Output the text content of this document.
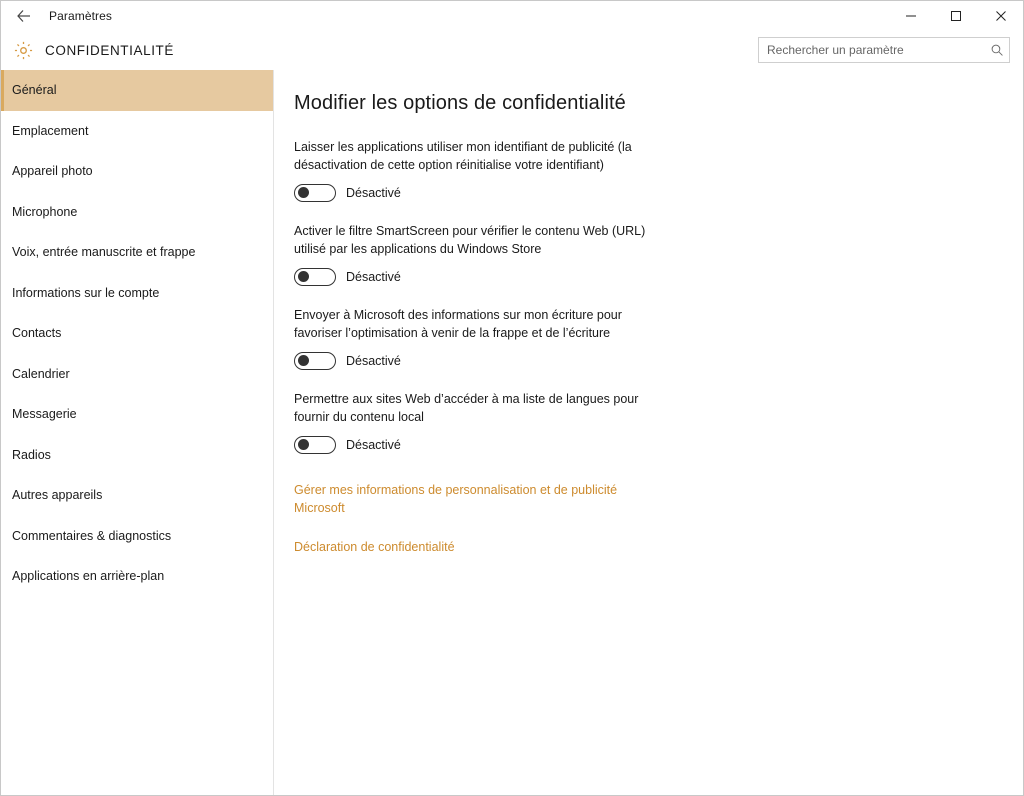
Paramètres
CONFIDENTIALITÉ
Rechercher un paramètre
Général
Emplacement
Appareil photo
Microphone
Voix, entrée manuscrite et frappe
Informations sur le compte
Contacts
Calendrier
Messagerie
Radios
Autres appareils
Commentaires & diagnostics
Applications en arrière-plan
Modifier les options de confidentialité

Laisser les applications utiliser mon identifiant de publicité (la désactivation de cette option réinitialise votre identifiant)

Désactivé

Activer le filtre SmartScreen pour vérifier le contenu Web (URL) utilisé par les applications du Windows Store

Désactivé

Envoyer à Microsoft des informations sur mon écriture pour favoriser l’optimisation à venir de la frappe et de l’écriture

Désactivé

Permettre aux sites Web d’accéder à ma liste de langues pour fournir du contenu local

Désactivé
Gérer mes informations de personnalisation et de publicité Microsoft
Déclaration de confidentialité
